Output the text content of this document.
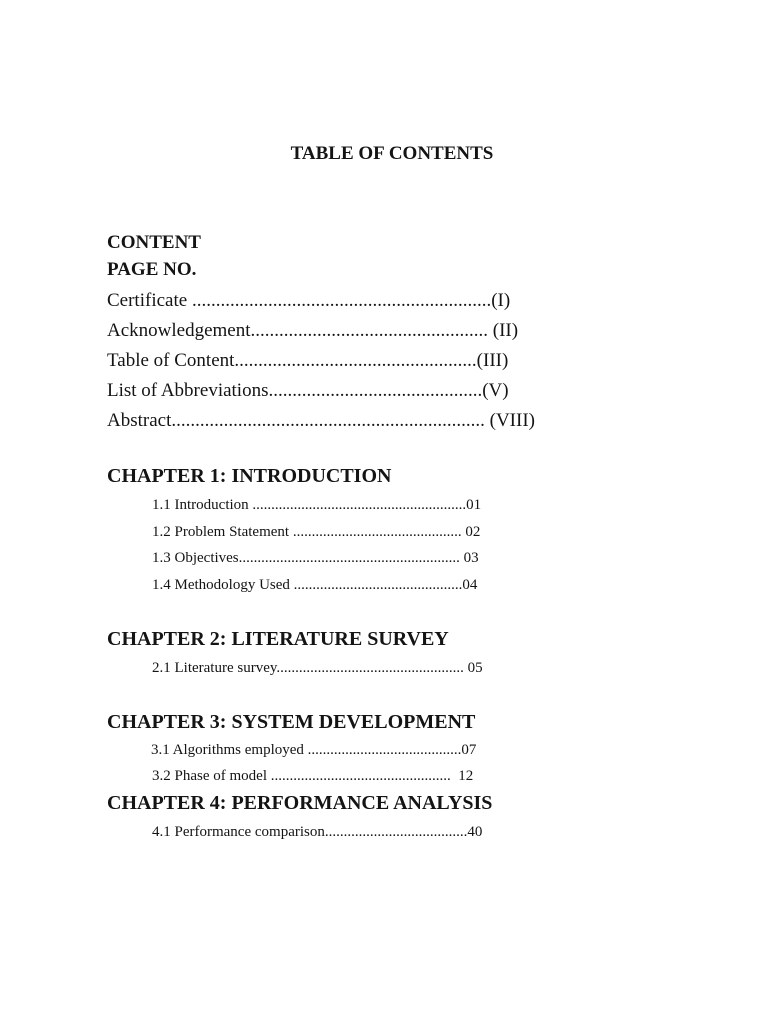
TABLE OF CONTENTS
CONTENT
PAGE NO.
Certificate ...............................................................(I)
Acknowledgement.................................................. (II)
Table of Content...................................................(III)
List of Abbreviations.............................................(V)
Abstract.................................................................. (VIII)
CHAPTER 1: INTRODUCTION
1.1 Introduction .........................................................01
1.2 Problem Statement ............................................. 02
1.3 Objectives........................................................... 03
1.4 Methodology Used .............................................04
CHAPTER 2: LITERATURE SURVEY
2.1 Literature survey.................................................. 05
CHAPTER 3: SYSTEM DEVELOPMENT
3.1 Algorithms employed .........................................07
3.2 Phase of model ................................................  12
CHAPTER 4: PERFORMANCE ANALYSIS
4.1 Performance comparison......................................40
